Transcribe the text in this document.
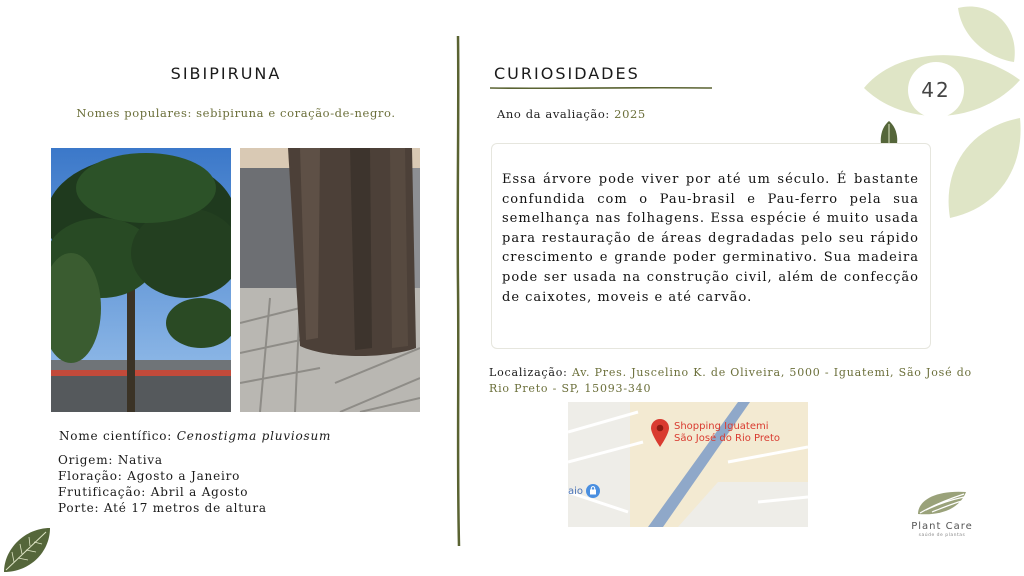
42
SIBIPIRUNA
Nomes populares: sebipiruna e coração-de-negro.
Nome científico: Cenostigma pluviosum
Origem: Nativa
Floração: Agosto a Janeiro
Frutificação: Abril a Agosto
Porte: Até 17 metros de altura
CURIOSIDADES
Ano da avaliação: 2025
Essa árvore pode viver por até um século. É bastante confundida com o Pau-brasil e Pau-ferro pela sua semelhança nas folhagens. Essa espécie é muito usada para restauração de áreas degradadas pelo seu rápido crescimento e grande poder germinativo. Sua madeira pode ser usada na construção civil, além de confecção de caixotes, moveis e até carvão.
Localização: Av. Pres. Juscelino K. de Oliveira, 5000 - Iguatemi, São José do Rio Preto - SP, 15093-340
Shopping Iguatemi
São José do Rio Preto
aio
Plant Care
saúde de plantas
